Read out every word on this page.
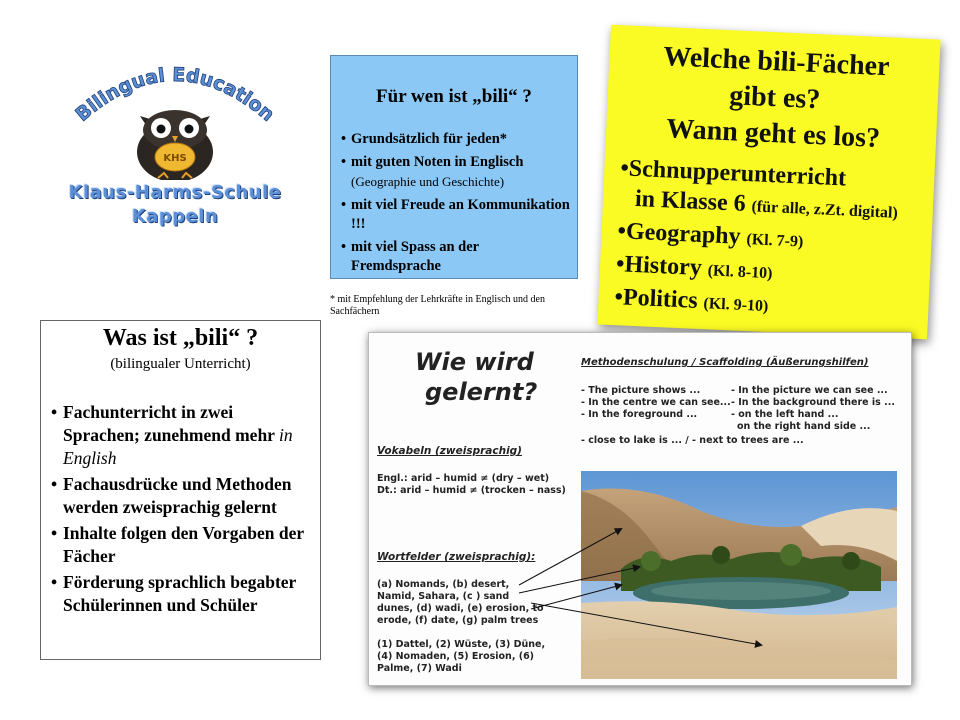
Bilingual Education
KHS
Klaus-Harms-Schule
Kappeln
Für wen ist „bili“ ?
• Grundsätzlich für jeden*
• mit guten Noten in Englisch
(Geographie und Geschichte)
• mit viel Freude an Kommunikation !!!
• mit viel Spass an der Fremdsprache
* mit Empfehlung der Lehrkräfte in Englisch und den Sachfächern
Welche bili-Fächer
gibt es?
Wann geht es los?
•Schnupperunterricht
in Klasse 6 (für alle, z.Zt. digital)
•Geography (Kl. 7-9)
•History (Kl. 8-10)
•Politics (Kl. 9-10)
Was ist „bili“ ?
(bilingualer Unterricht)
• Fachunterricht in zwei Sprachen; zunehmend mehr in English
• Fachausdrücke und Methoden werden zweisprachig gelernt
• Inhalte folgen den Vorgaben der Fächer
• Förderung sprachlich begabter Schülerinnen und Schüler
Wie wird
gelernt?
Methodenschulung / Scaffolding (Äußerungshilfen)
- The picture shows ...
- In the centre we can see...
- In the foreground ...
- In the picture we can see ...
- In the background there is ...
- on the left hand ...
on the right hand side ...
- close to lake is ... / - next to trees are ...
Vokabeln (zweisprachig)
Engl.: arid – humid ≠ (dry – wet)
Dt.: arid – humid ≠ (trocken – nass)
Wortfelder (zweisprachig):
(a) Nomands, (b) desert,
Namid, Sahara, (c ) sand
dunes, (d) wadi, (e) erosion, to
erode, (f) date, (g) palm trees
(1) Dattel, (2) Wüste, (3) Düne,
(4) Nomaden, (5) Erosion, (6)
Palme, (7) Wadi
